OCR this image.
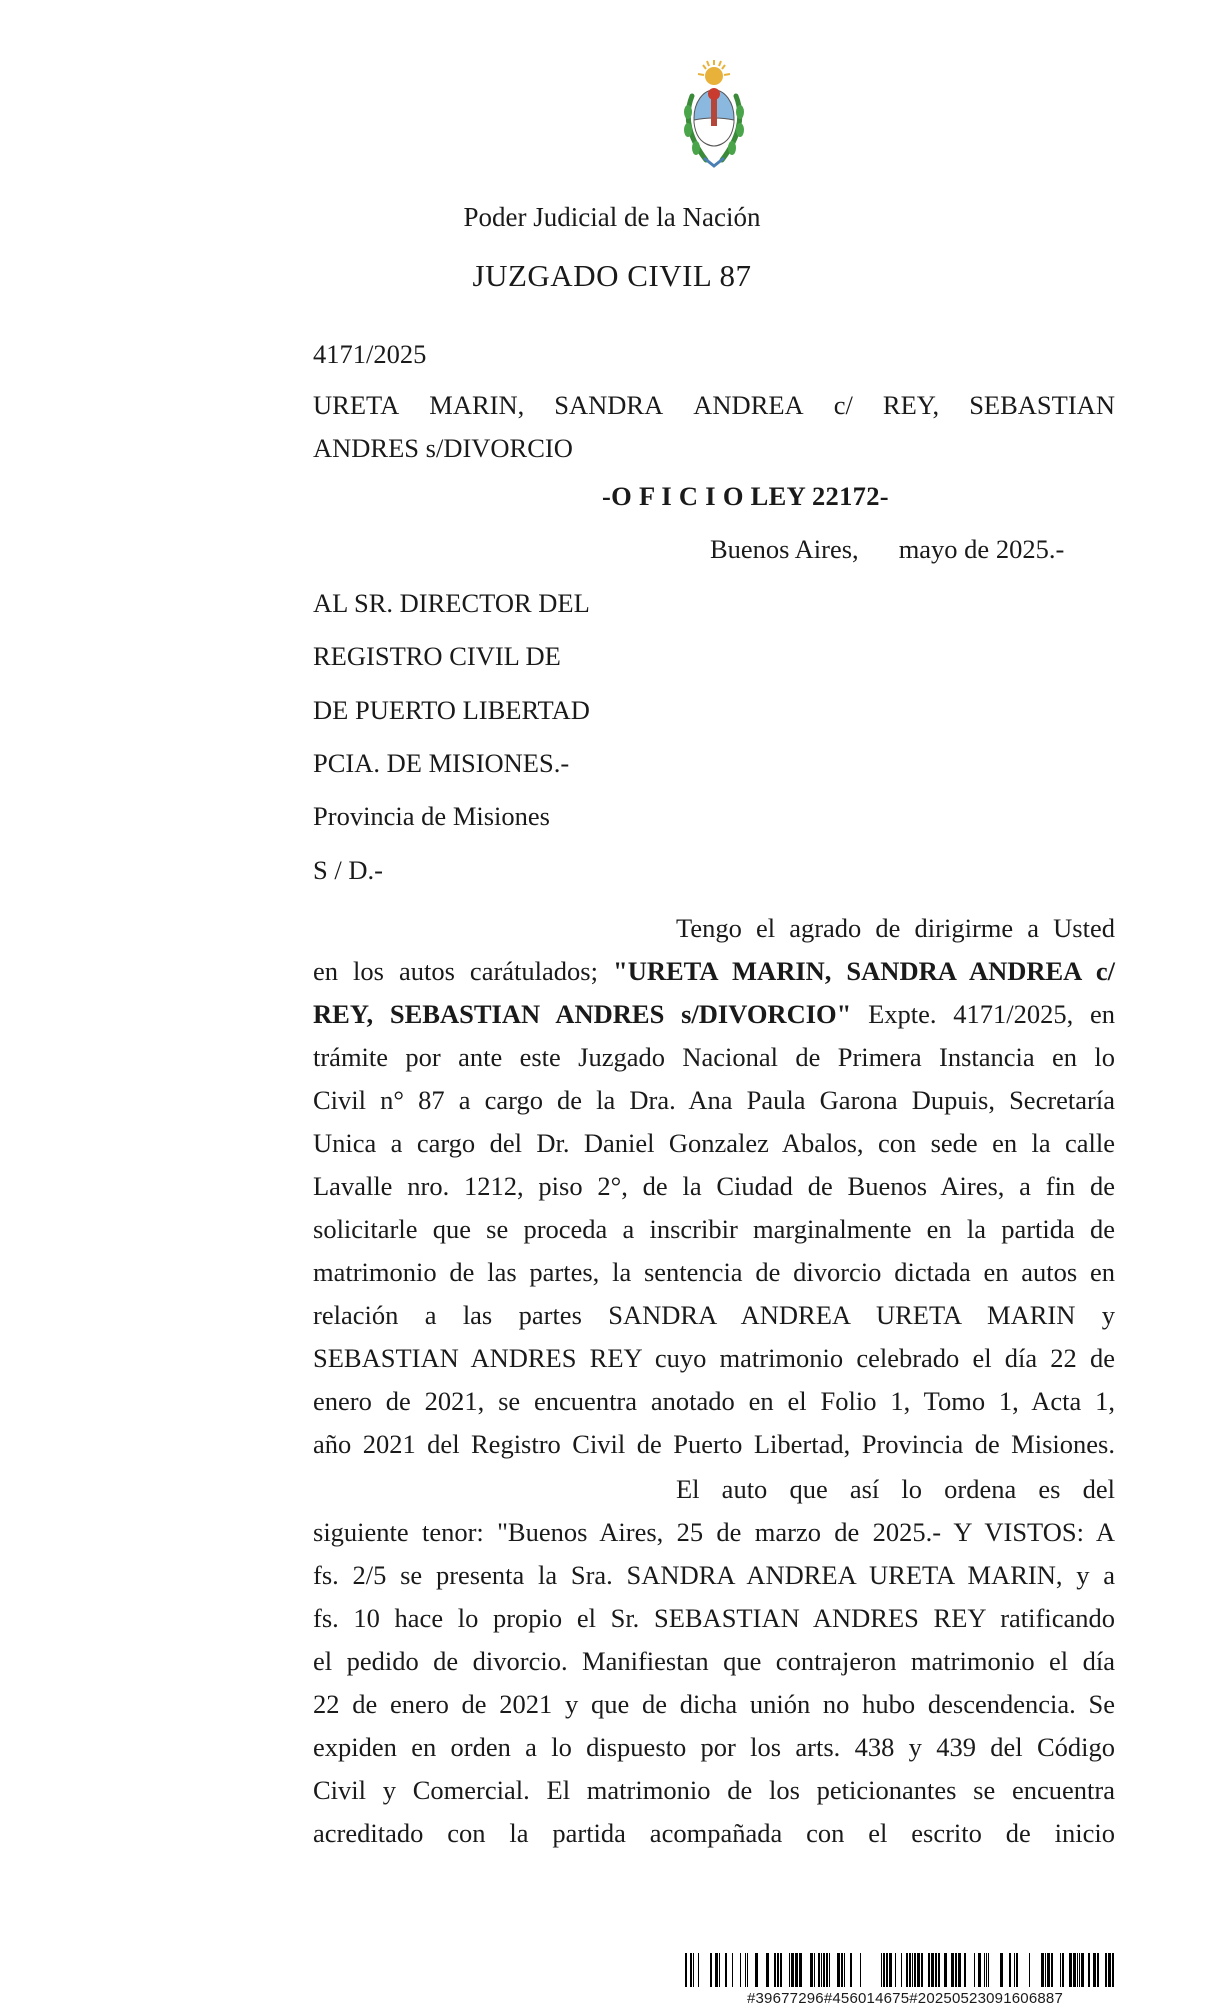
Poder Judicial de la Nación
JUZGADO CIVIL 87
4171/2025
URETA MARIN, SANDRA ANDREA c/ REY, SEBASTIAN
ANDRES s/DIVORCIO
-O F I C I O LEY 22172-
Buenos Aires, mayo de 2025.-
AL SR. DIRECTOR DEL
REGISTRO CIVIL DE
DE PUERTO LIBERTAD
PCIA. DE MISIONES.-
Provincia de Misiones
S / D.-
Tengo el agrado de dirigirme a Usted
en los autos carátulados; "URETA MARIN, SANDRA ANDREA c/
REY, SEBASTIAN ANDRES s/DIVORCIO" Expte. 4171/2025, en
trámite por ante este Juzgado Nacional de Primera Instancia en lo
Civil n° 87 a cargo de la Dra. Ana Paula Garona Dupuis, Secretaría
Unica a cargo del Dr. Daniel Gonzalez Abalos, con sede en la calle
Lavalle nro. 1212, piso 2°, de la Ciudad de Buenos Aires, a fin de
solicitarle que se proceda a inscribir marginalmente en la partida de
matrimonio de las partes, la sentencia de divorcio dictada en autos en
relación a las partes SANDRA ANDREA URETA MARIN y
SEBASTIAN ANDRES REY cuyo matrimonio celebrado el día 22 de
enero de 2021, se encuentra anotado en el Folio 1, Tomo 1, Acta 1,
año 2021 del Registro Civil de Puerto Libertad, Provincia de Misiones.
El auto que así lo ordena es del
siguiente tenor: "Buenos Aires, 25 de marzo de 2025.- Y VISTOS: A
fs. 2/5 se presenta la Sra. SANDRA ANDREA URETA MARIN, y a
fs. 10 hace lo propio el Sr. SEBASTIAN ANDRES REY ratificando
el pedido de divorcio. Manifiestan que contrajeron matrimonio el día
22 de enero de 2021 y que de dicha unión no hubo descendencia. Se
expiden en orden a lo dispuesto por los arts. 438 y 439 del Código
Civil y Comercial. El matrimonio de los peticionantes se encuentra
acreditado con la partida acompañada con el escrito de inicio
#39677296#456014675#20250523091606887
